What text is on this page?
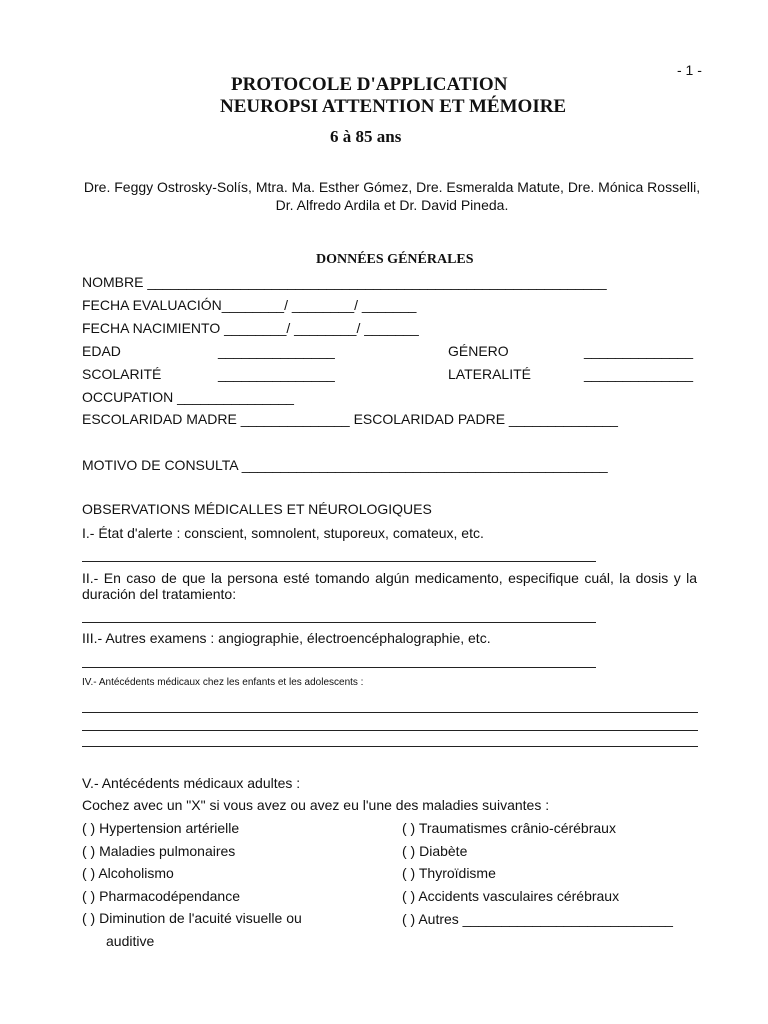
- 1 -
PROTOCOLE D'APPLICATION
NEUROPSI ATTENTION ET MÉMOIRE
6 à 85 ans
Dre. Feggy Ostrosky-Solís, Mtra. Ma. Esther Gómez, Dre. Esmeralda Matute, Dre. Mónica Rosselli, Dr. Alfredo Ardila et Dr. David Pineda.
DONNÉES GÉNÉRALES
NOMBRE ___________________________________________________________
FECHA EVALUACIÓN________/ ________/ _______
FECHA NACIMIENTO ________/ ________/ _______
EDAD	_______________	GÉNERO	______________
SCOLARITÉ	_______________	LATERALITÉ	______________
OCCUPATION _______________
ESCOLARIDAD MADRE ______________ ESCOLARIDAD PADRE ______________
MOTIVO DE CONSULTA _______________________________________________
OBSERVATIONS MÉDICALLES ET NÉUROLOGIQUES
I.- État d'alerte : conscient, somnolent, stuporeux, comateux, etc.
II.- En caso de que la persona esté tomando algún medicamento, especifique cuál, la dosis y la duración del tratamiento:
III.- Autres examens : angiographie, électroencéphalographie, etc.
IV.- Antécédents médicaux chez les enfants et les adolescents :
V.- Antécédents médicaux adultes :
Cochez avec un "X" si vous avez ou avez eu l'une des maladies suivantes :
( ) Hypertension artérielle
( ) Maladies pulmonaires
( ) Alcoholismo
( ) Pharmacodépendance
( ) Diminution de l'acuité visuelle ou
auditive
( ) Traumatismes crânio-cérébraux
( ) Diabète
( ) Thyroïdisme
( ) Accidents vasculaires cérébraux
( ) Autres ___________________________
